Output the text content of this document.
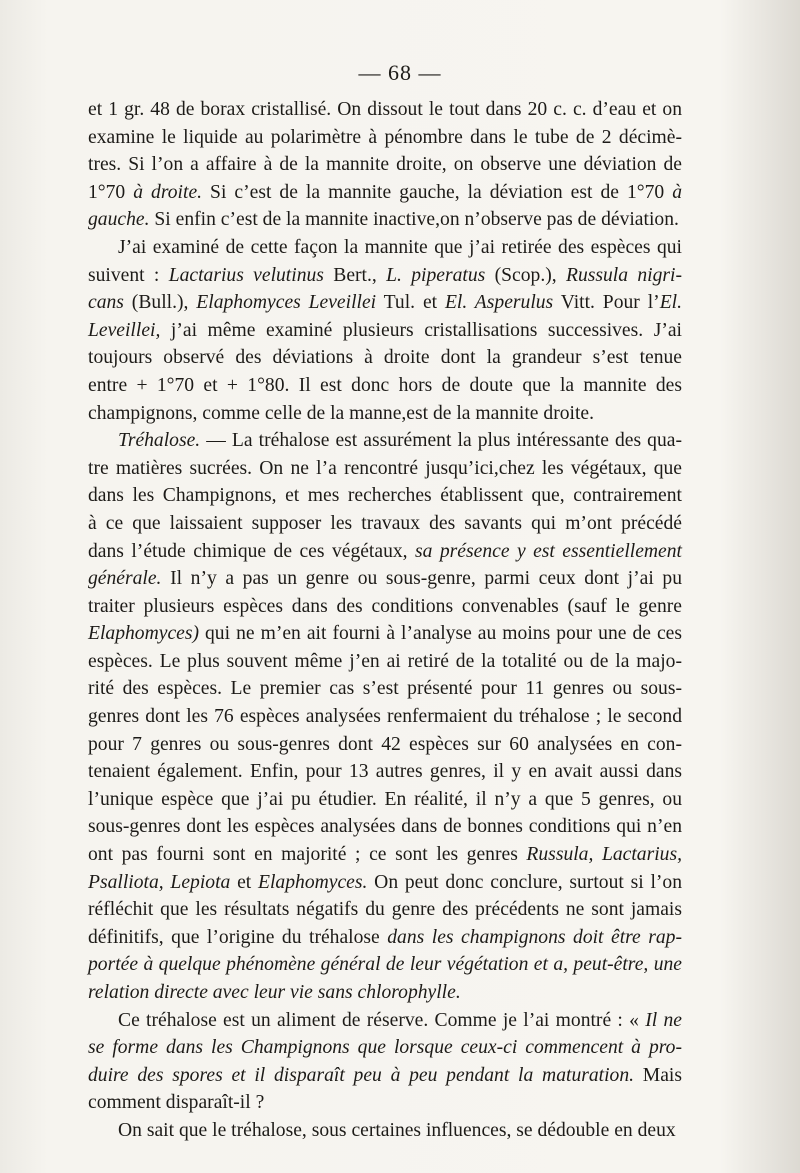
— 68 —
et 1 gr. 48 de borax cristallisé. On dissout le tout dans 20 c. c. d’eau et on
examine le liquide au polarimètre à pénombre dans le tube de 2 décimè-
tres. Si l’on a affaire à de la mannite droite, on observe une déviation de
1°70 à droite. Si c’est de la mannite gauche, la déviation est de 1°70 à
gauche. Si enfin c’est de la mannite inactive,on n’observe pas de déviation.
J’ai examiné de cette façon la mannite que j’ai retirée des espèces qui
suivent : Lactarius velutinus Bert., L. piperatus (Scop.), Russula nigri-
cans (Bull.), Elaphomyces Leveillei Tul. et El. Asperulus Vitt. Pour l’El.
Leveillei, j’ai même examiné plusieurs cristallisations successives. J’ai
toujours observé des déviations à droite dont la grandeur s’est tenue
entre + 1°70 et + 1°80. Il est donc hors de doute que la mannite des
champignons, comme celle de la manne,est de la mannite droite.
Tréhalose. — La tréhalose est assurément la plus intéressante des qua-
tre matières sucrées. On ne l’a rencontré jusqu’ici,chez les végétaux, que
dans les Champignons, et mes recherches établissent que, contrairement
à ce que laissaient supposer les travaux des savants qui m’ont précédé
dans l’étude chimique de ces végétaux, sa présence y est essentiellement
générale. Il n’y a pas un genre ou sous-genre, parmi ceux dont j’ai pu
traiter plusieurs espèces dans des conditions convenables (sauf le genre
Elaphomyces) qui ne m’en ait fourni à l’analyse au moins pour une de ces
espèces. Le plus souvent même j’en ai retiré de la totalité ou de la majo-
rité des espèces. Le premier cas s’est présenté pour 11 genres ou sous-
genres dont les 76 espèces analysées renfermaient du tréhalose ; le second
pour 7 genres ou sous-genres dont 42 espèces sur 60 analysées en con-
tenaient également. Enfin, pour 13 autres genres, il y en avait aussi dans
l’unique espèce que j’ai pu étudier. En réalité, il n’y a que 5 genres, ou
sous-genres dont les espèces analysées dans de bonnes conditions qui n’en
ont pas fourni sont en majorité ; ce sont les genres Russula, Lactarius,
Psalliota, Lepiota et Elaphomyces. On peut donc conclure, surtout si l’on
réfléchit que les résultats négatifs du genre des précédents ne sont jamais
définitifs, que l’origine du tréhalose dans les champignons doit être rap-
portée à quelque phénomène général de leur végétation et a, peut-être, une
relation directe avec leur vie sans chlorophylle.
Ce tréhalose est un aliment de réserve. Comme je l’ai montré : « Il ne
se forme dans les Champignons que lorsque ceux-ci commencent à pro-
duire des spores et il disparaît peu à peu pendant la maturation. Mais
comment disparaît-il ?
On sait que le tréhalose, sous certaines influences, se dédouble en deux
